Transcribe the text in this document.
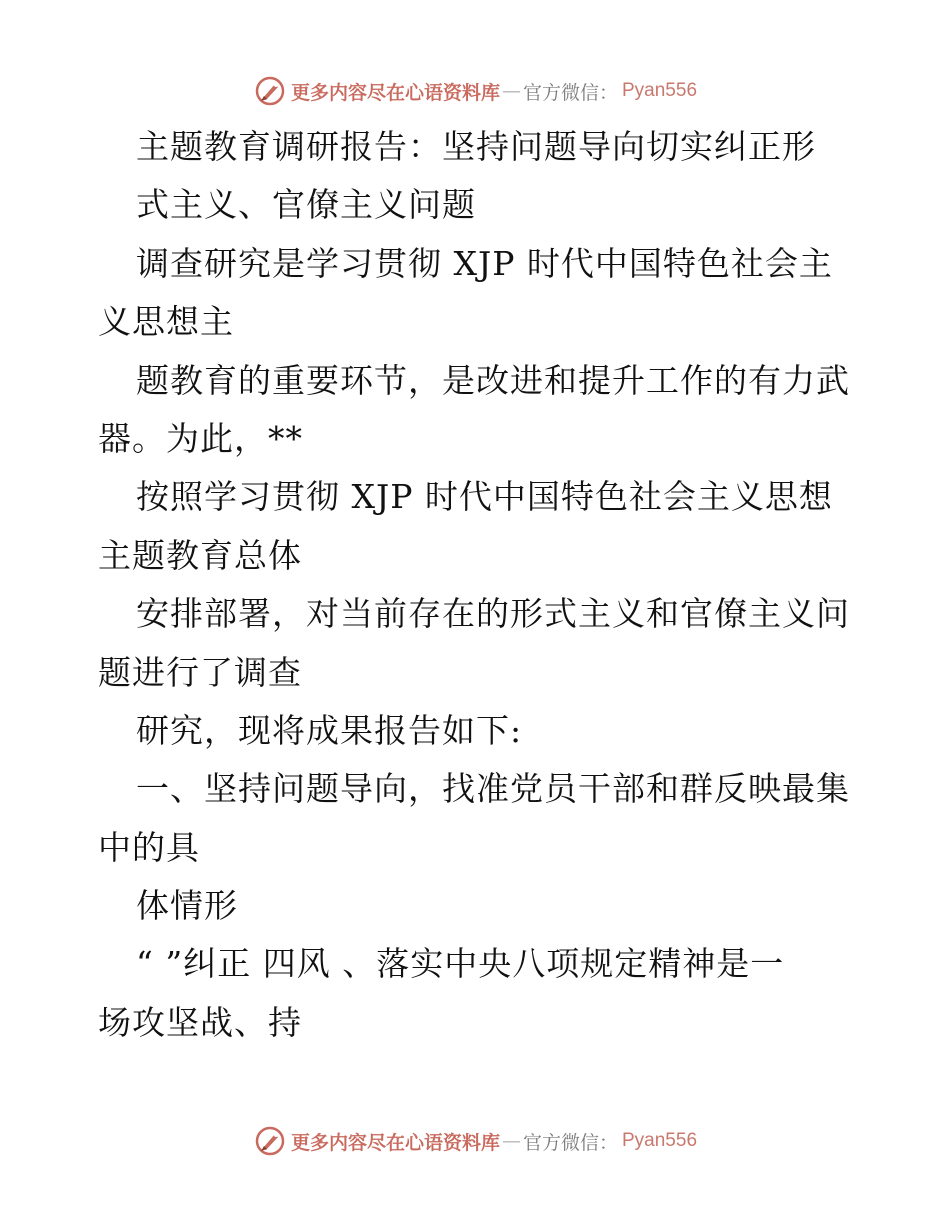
更多内容尽在心语资料库 — 官方微信： Pyan556
主题教育调研报告：坚持问题导向切实纠正形
式主义、官僚主义问题
调查研究是学习贯彻 XJP 时代中国特色社会主
义思想主
题教育的重要环节，是改进和提升工作的有力武
器。为此，**
按照学习贯彻 XJP 时代中国特色社会主义思想
主题教育总体
安排部署，对当前存在的形式主义和官僚主义问
题进行了调查
研究，现将成果报告如下:
一、坚持问题导向，找准党员干部和群反映最集
中的具
体情形
“ ”纠正 四风 、落实中央八项规定精神是一
场攻坚战、持
更多内容尽在心语资料库 — 官方微信： Pyan556
